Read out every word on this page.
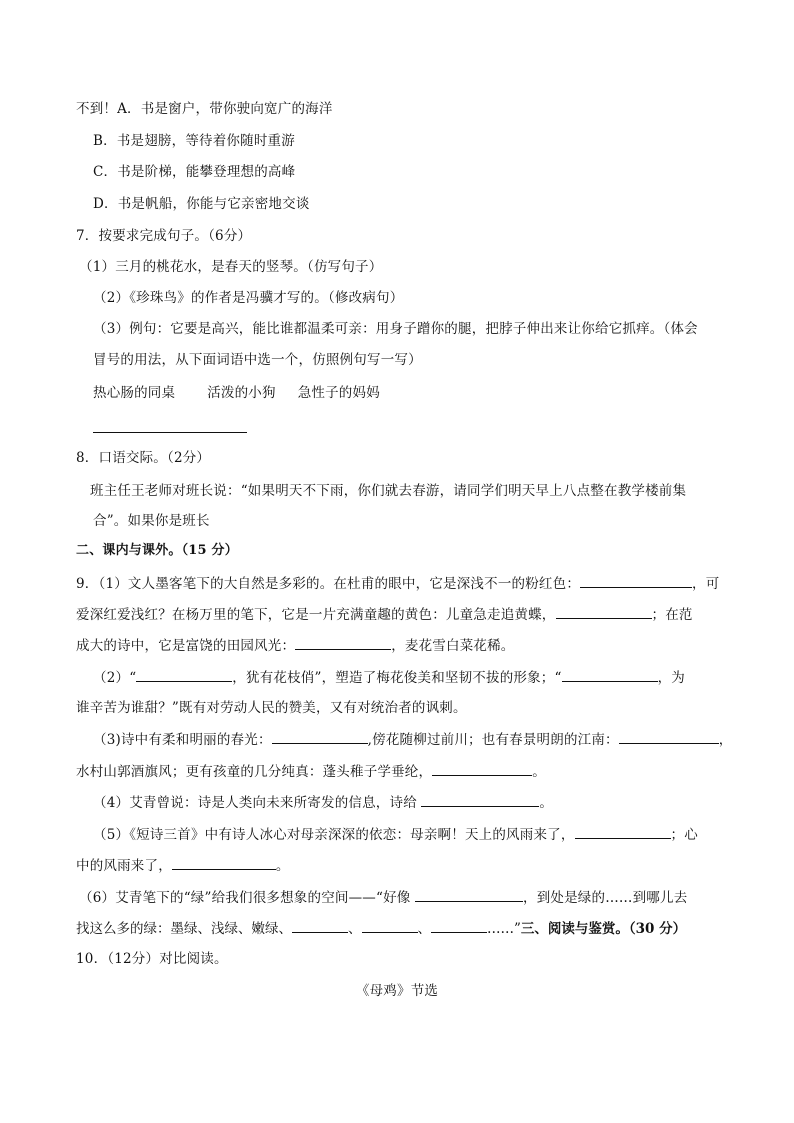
不到！A．书是窗户，带你驶向宽广的海洋
B．书是翅膀，等待着你随时重游
C．书是阶梯，能攀登理想的高峰
D．书是帆船，你能与它亲密地交谈
7．按要求完成句子。（6分）
（1）三月的桃花水，是春天的竖琴。（仿写句子）
（2）《珍珠鸟》的作者是冯骥才写的。（修改病句）
（3）例句：它要是高兴，能比谁都温柔可亲：用身子蹭你的腿，把脖子伸出来让你给它抓痒。（体会
冒号的用法，从下面词语中选一个，仿照例句写一写）
热心肠的同桌 活泼的小狗 急性子的妈妈
8．口语交际。（2分）
班主任王老师对班长说：“如果明天不下雨，你们就去春游，请同学们明天早上八点整在教学楼前集
合”。如果你是班长
二、课内与课外。（15 分）
9．（1）文人墨客笔下的大自然是多彩的。在杜甫的眼中，它是深浅不一的粉红色：	，可
爱深红爱浅红？在杨万里的笔下，它是一片充满童趣的黄色：儿童急走追黄蝶，	；在范
成大的诗中，它是富饶的田园风光：	，麦花雪白菜花稀。
（2）“	，犹有花枝俏”，塑造了梅花俊美和坚韧不拔的形象；“	，为
谁辛苦为谁甜？”既有对劳动人民的赞美，又有对统治者的讽刺。
（3)诗中有柔和明丽的春光：	,傍花随柳过前川；也有春景明朗的江南：	，
水村山郭酒旗风；更有孩童的几分纯真：蓬头稚子学垂纶，	。
（4）艾青曾说：诗是人类向未来所寄发的信息，诗给	。
（5）《短诗三首》中有诗人冰心对母亲深深的依恋：母亲啊！天上的风雨来了，	；心
中的风雨来了，	。
（6）艾青笔下的“绿”给我们很多想象的空间——“好像	，到处是绿的……到哪儿去
找这么多的绿：墨绿、浅绿、嫩绿、	、	、	……”三、阅读与鉴赏。（30 分）
10．（12分）对比阅读。
《母鸡》节选
